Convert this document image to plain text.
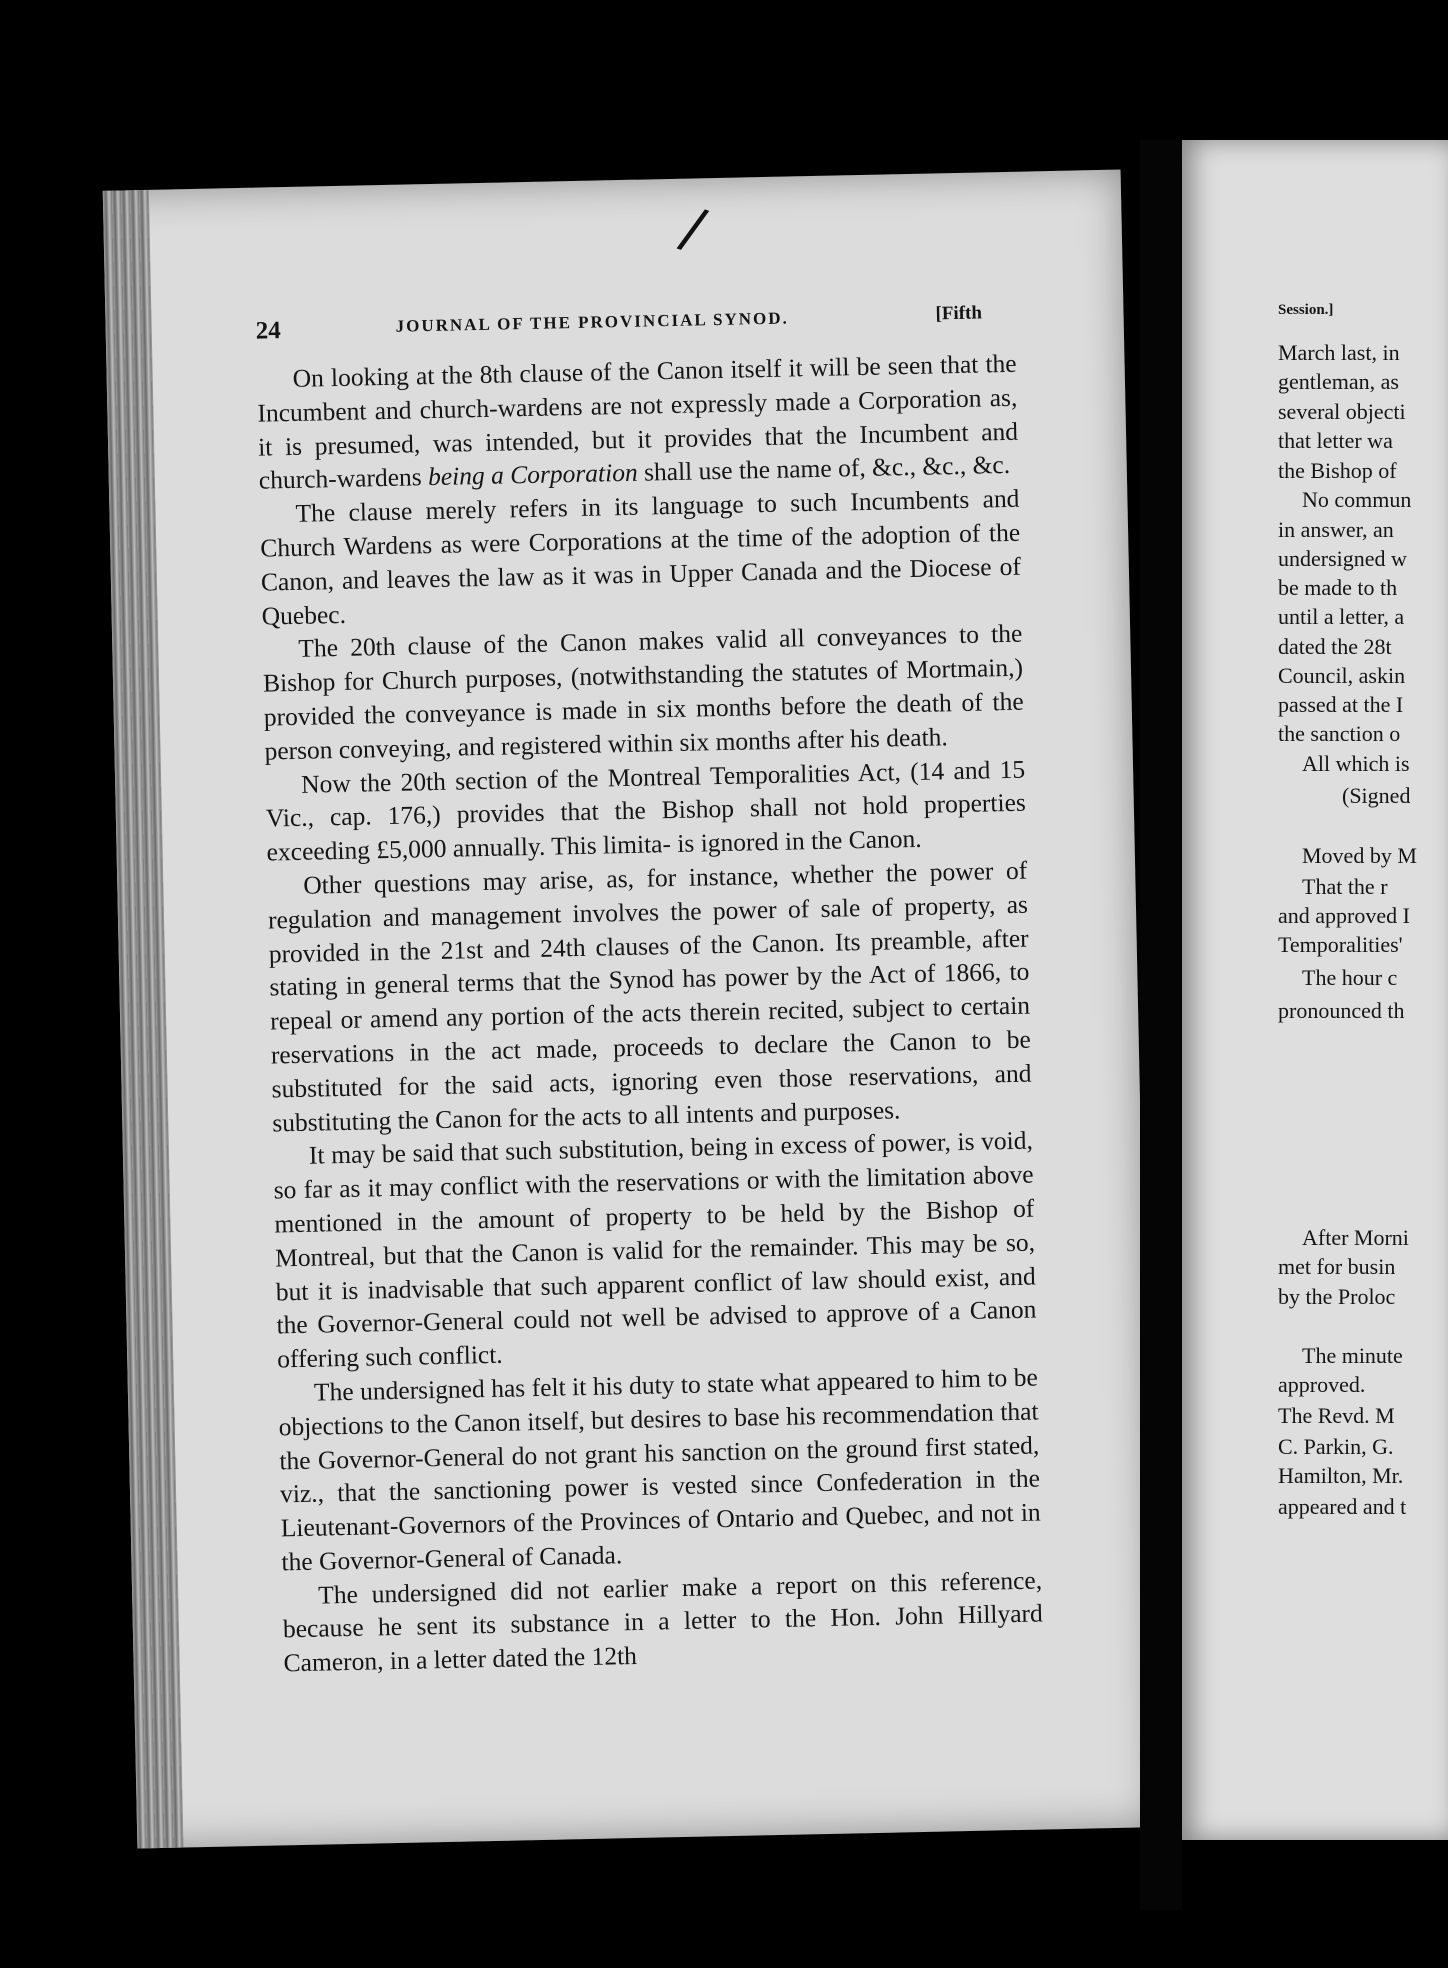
/
24	JOURNAL OF THE PROVINCIAL SYNOD.	[Fifth

On looking at the 8th clause of the Canon itself it will be seen that the Incumbent and church-wardens are not expressly made a Corporation as, it is presumed, was intended, but it provides that the Incumbent and church-wardens being a Corporation shall use the name of, &c., &c., &c.

The clause merely refers in its language to such Incumbents and Church Wardens as were Corporations at the time of the adoption of the Canon, and leaves the law as it was in Upper Canada and the Diocese of Quebec.

The 20th clause of the Canon makes valid all conveyances to the Bishop for Church purposes, (notwithstanding the statutes of Mortmain,) provided the conveyance is made in six months before the death of the person conveying, and registered within six months after his death.

Now the 20th section of the Montreal Temporalities Act, (14 and 15 Vic., cap. 176,) provides that the Bishop shall not hold properties exceeding £5,000 annually. This limita- is ignored in the Canon.

Other questions may arise, as, for instance, whether the power of regulation and management involves the power of sale of property, as provided in the 21st and 24th clauses of the Canon. Its preamble, after stating in general terms that the Synod has power by the Act of 1866, to repeal or amend any portion of the acts therein recited, subject to certain reservations in the act made, proceeds to declare the Canon to be substituted for the said acts, ignoring even those reservations, and substituting the Canon for the acts to all intents and purposes.

It may be said that such substitution, being in excess of power, is void, so far as it may conflict with the reservations or with the limitation above mentioned in the amount of property to be held by the Bishop of Montreal, but that the Canon is valid for the remainder. This may be so, but it is inadvisable that such apparent conflict of law should exist, and the Governor-General could not well be advised to approve of a Canon offering such conflict.

The undersigned has felt it his duty to state what appeared to him to be objections to the Canon itself, but desires to base his recommendation that the Governor-General do not grant his sanction on the ground first stated, viz., that the sanctioning power is vested since Confederation in the Lieutenant-Governors of the Provinces of Ontario and Quebec, and not in the Governor-General of Canada.

The undersigned did not earlier make a report on this reference, because he sent its substance in a letter to the Hon. John Hillyard Cameron, in a letter dated the 12th

Session.]
March last, in
gentleman, as
several objecti
that letter wa
the Bishop of
No commun
in answer, an
undersigned w
be made to th
until a letter, a
dated the 28t
Council, askin
passed at the I
the sanction o
All which is
(Signed
Moved by M
That the r
and approved I
Temporalities'
The hour c
pronounced th
After Morni
met for busin
by the Proloc
The minute
approved.
The Revd. M
C. Parkin, G.
Hamilton, Mr.
appeared and t
